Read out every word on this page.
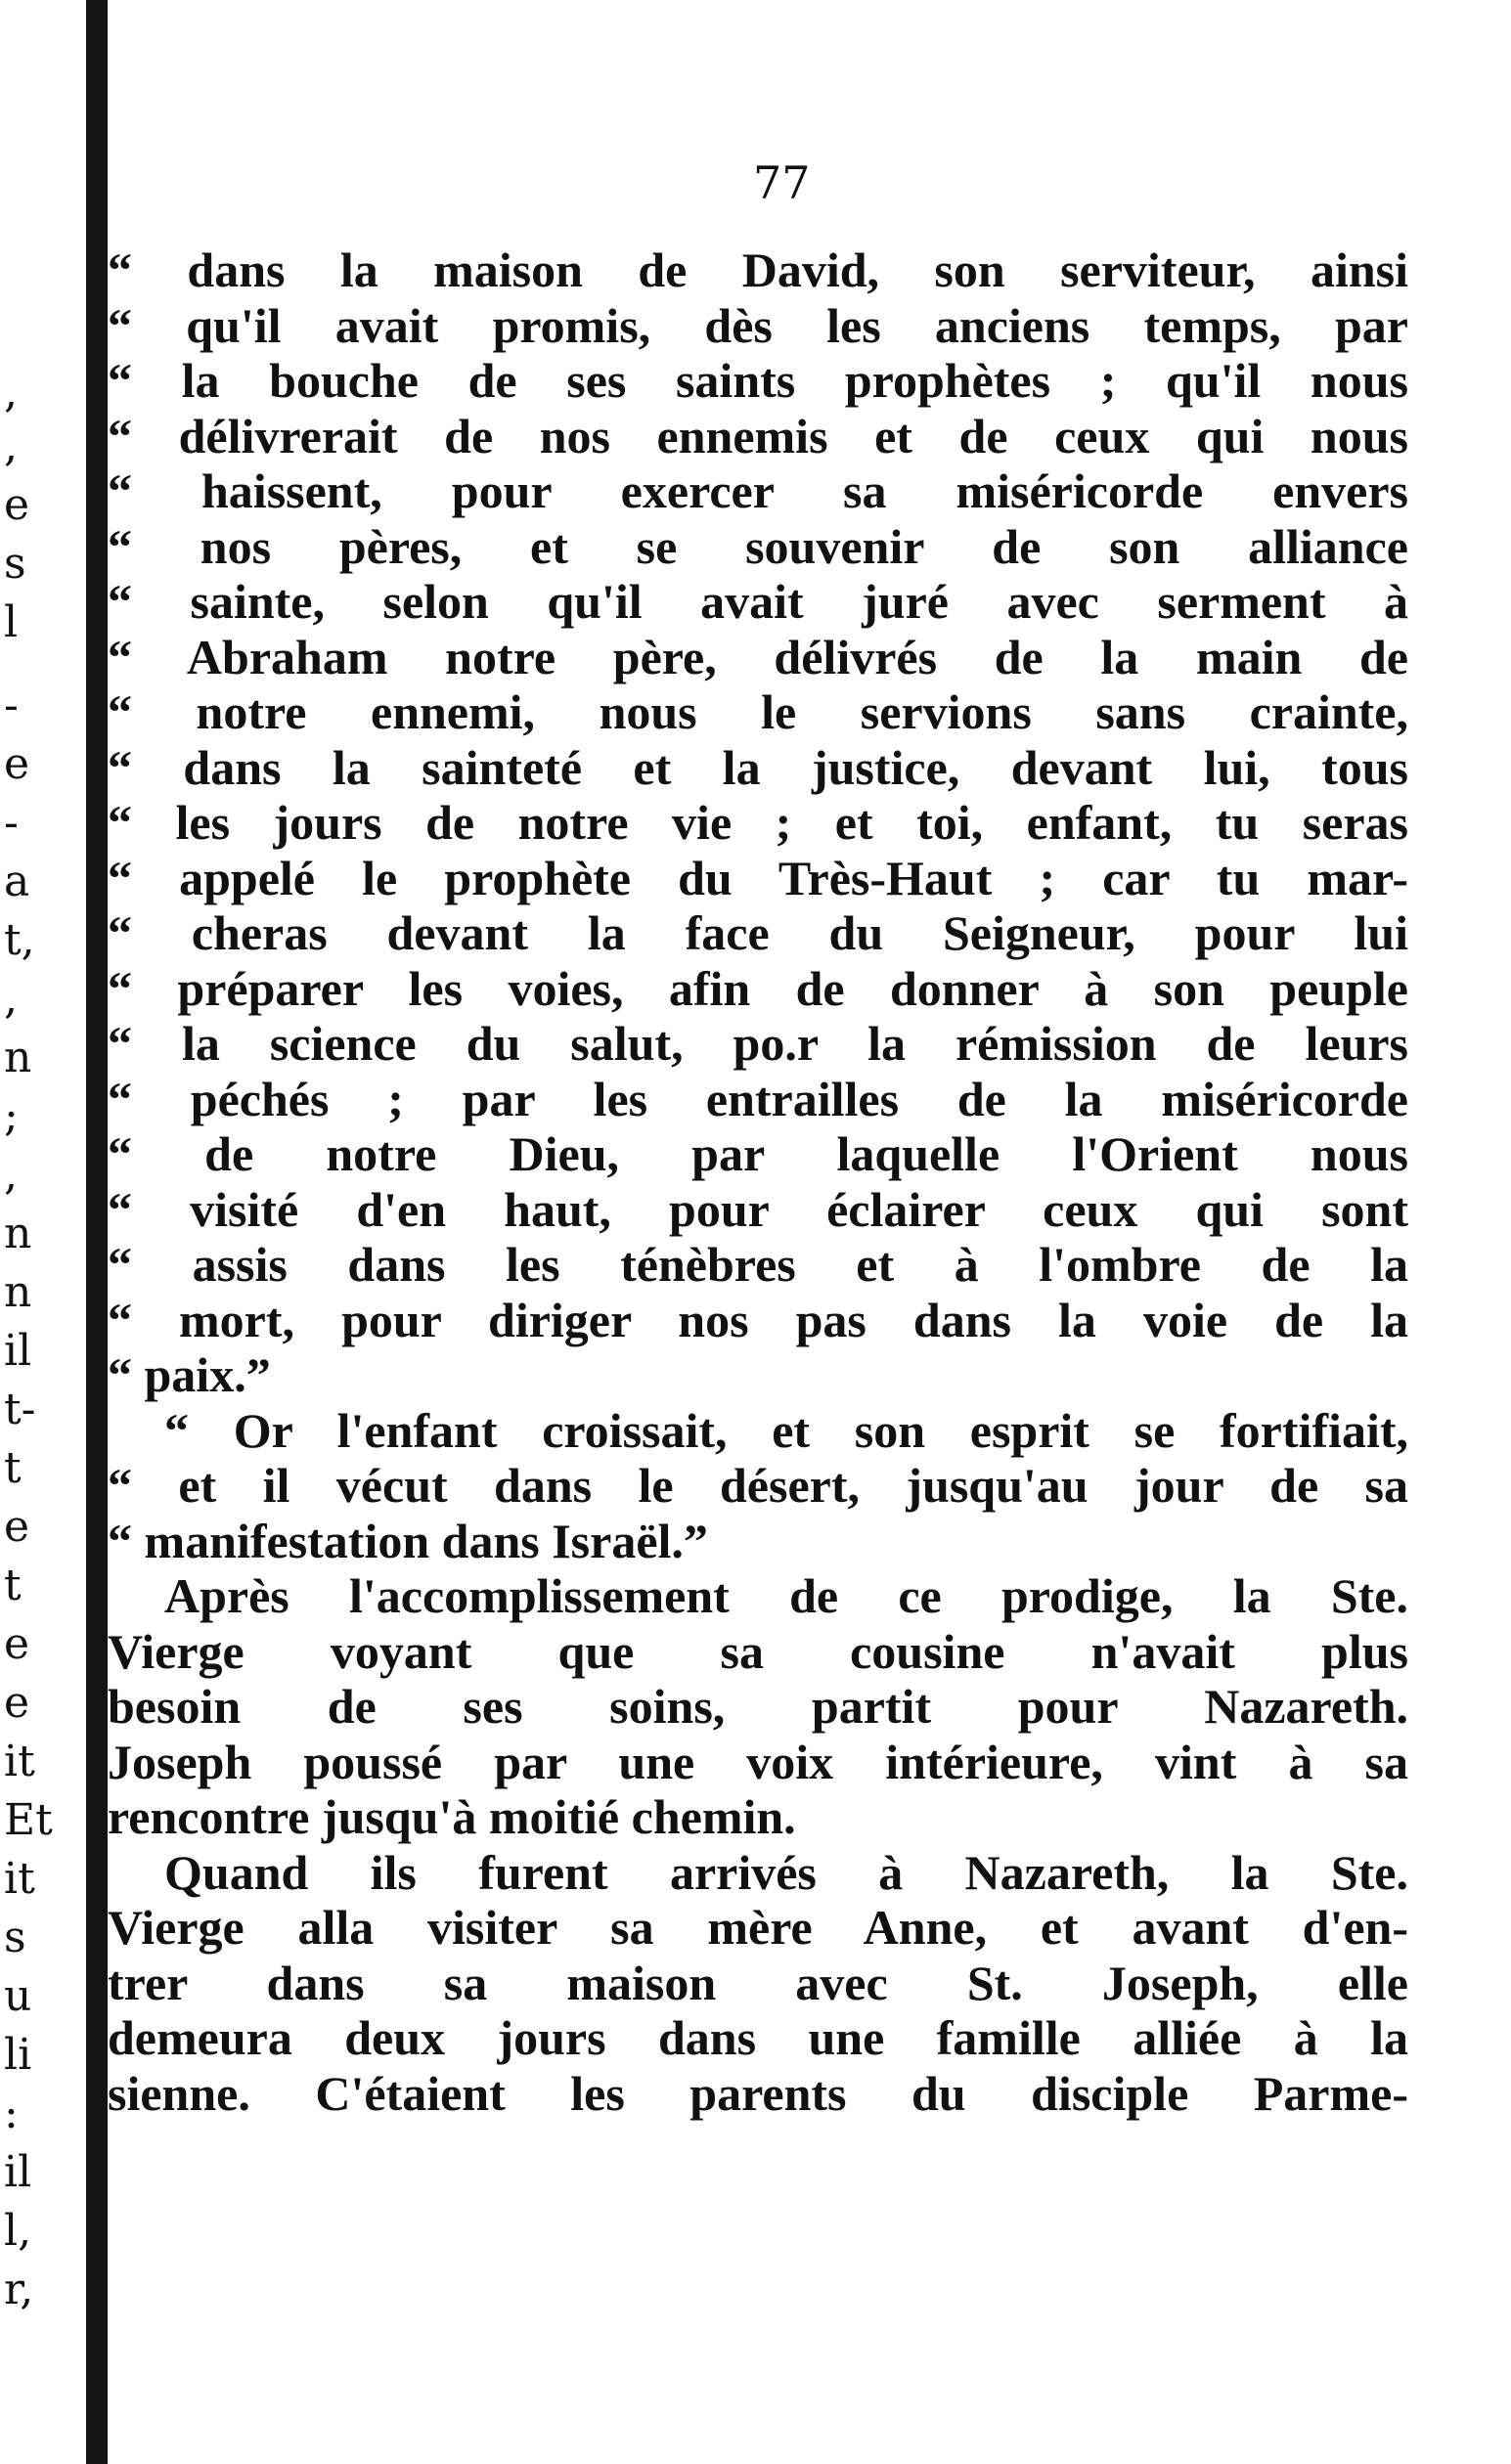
,
,
e
s
l
-
e
-
a
t,
,
n
;
,
n
n
il
t-
t
e
t
e
e
it
Et
it
s
u
li
:
il
l,
r,
77
“ dans la maison de David, son serviteur, ainsi
“ qu'il avait promis, dès les anciens temps, par
“ la bouche de ses saints prophètes ; qu'il nous
“ délivrerait de nos ennemis et de ceux qui nous
“ haissent, pour exercer sa miséricorde envers
“ nos pères, et se souvenir de son alliance
“ sainte, selon qu'il avait juré avec serment à
“ Abraham notre père, délivrés de la main de
“ notre ennemi, nous le servions sans crainte,
“ dans la sainteté et la justice, devant lui, tous
“ les jours de notre vie ; et toi, enfant, tu seras
“ appelé le prophète du Très-Haut ; car tu mar-
“ cheras devant la face du Seigneur, pour lui
“ préparer les voies, afin de donner à son peuple
“ la science du salut, po.r la rémission de leurs
“ péchés ; par les entrailles de la miséricorde
“ de notre Dieu, par laquelle l'Orient nous
“ visité d'en haut, pour éclairer ceux qui sont
“ assis dans les ténèbres et à l'ombre de la
“ mort, pour diriger nos pas dans la voie de la
“ paix.”
“ Or l'enfant croissait, et son esprit se fortifiait,
“ et il vécut dans le désert, jusqu'au jour de sa
“ manifestation dans Israël.”
Après l'accomplissement de ce prodige, la Ste.
Vierge voyant que sa cousine n'avait plus
besoin de ses soins, partit pour Nazareth.
Joseph poussé par une voix intérieure, vint à sa
rencontre jusqu'à moitié chemin.
Quand ils furent arrivés à Nazareth, la Ste.
Vierge alla visiter sa mère Anne, et avant d'en-
trer dans sa maison avec St. Joseph, elle
demeura deux jours dans une famille alliée à la
sienne. C'étaient les parents du disciple Parme-
